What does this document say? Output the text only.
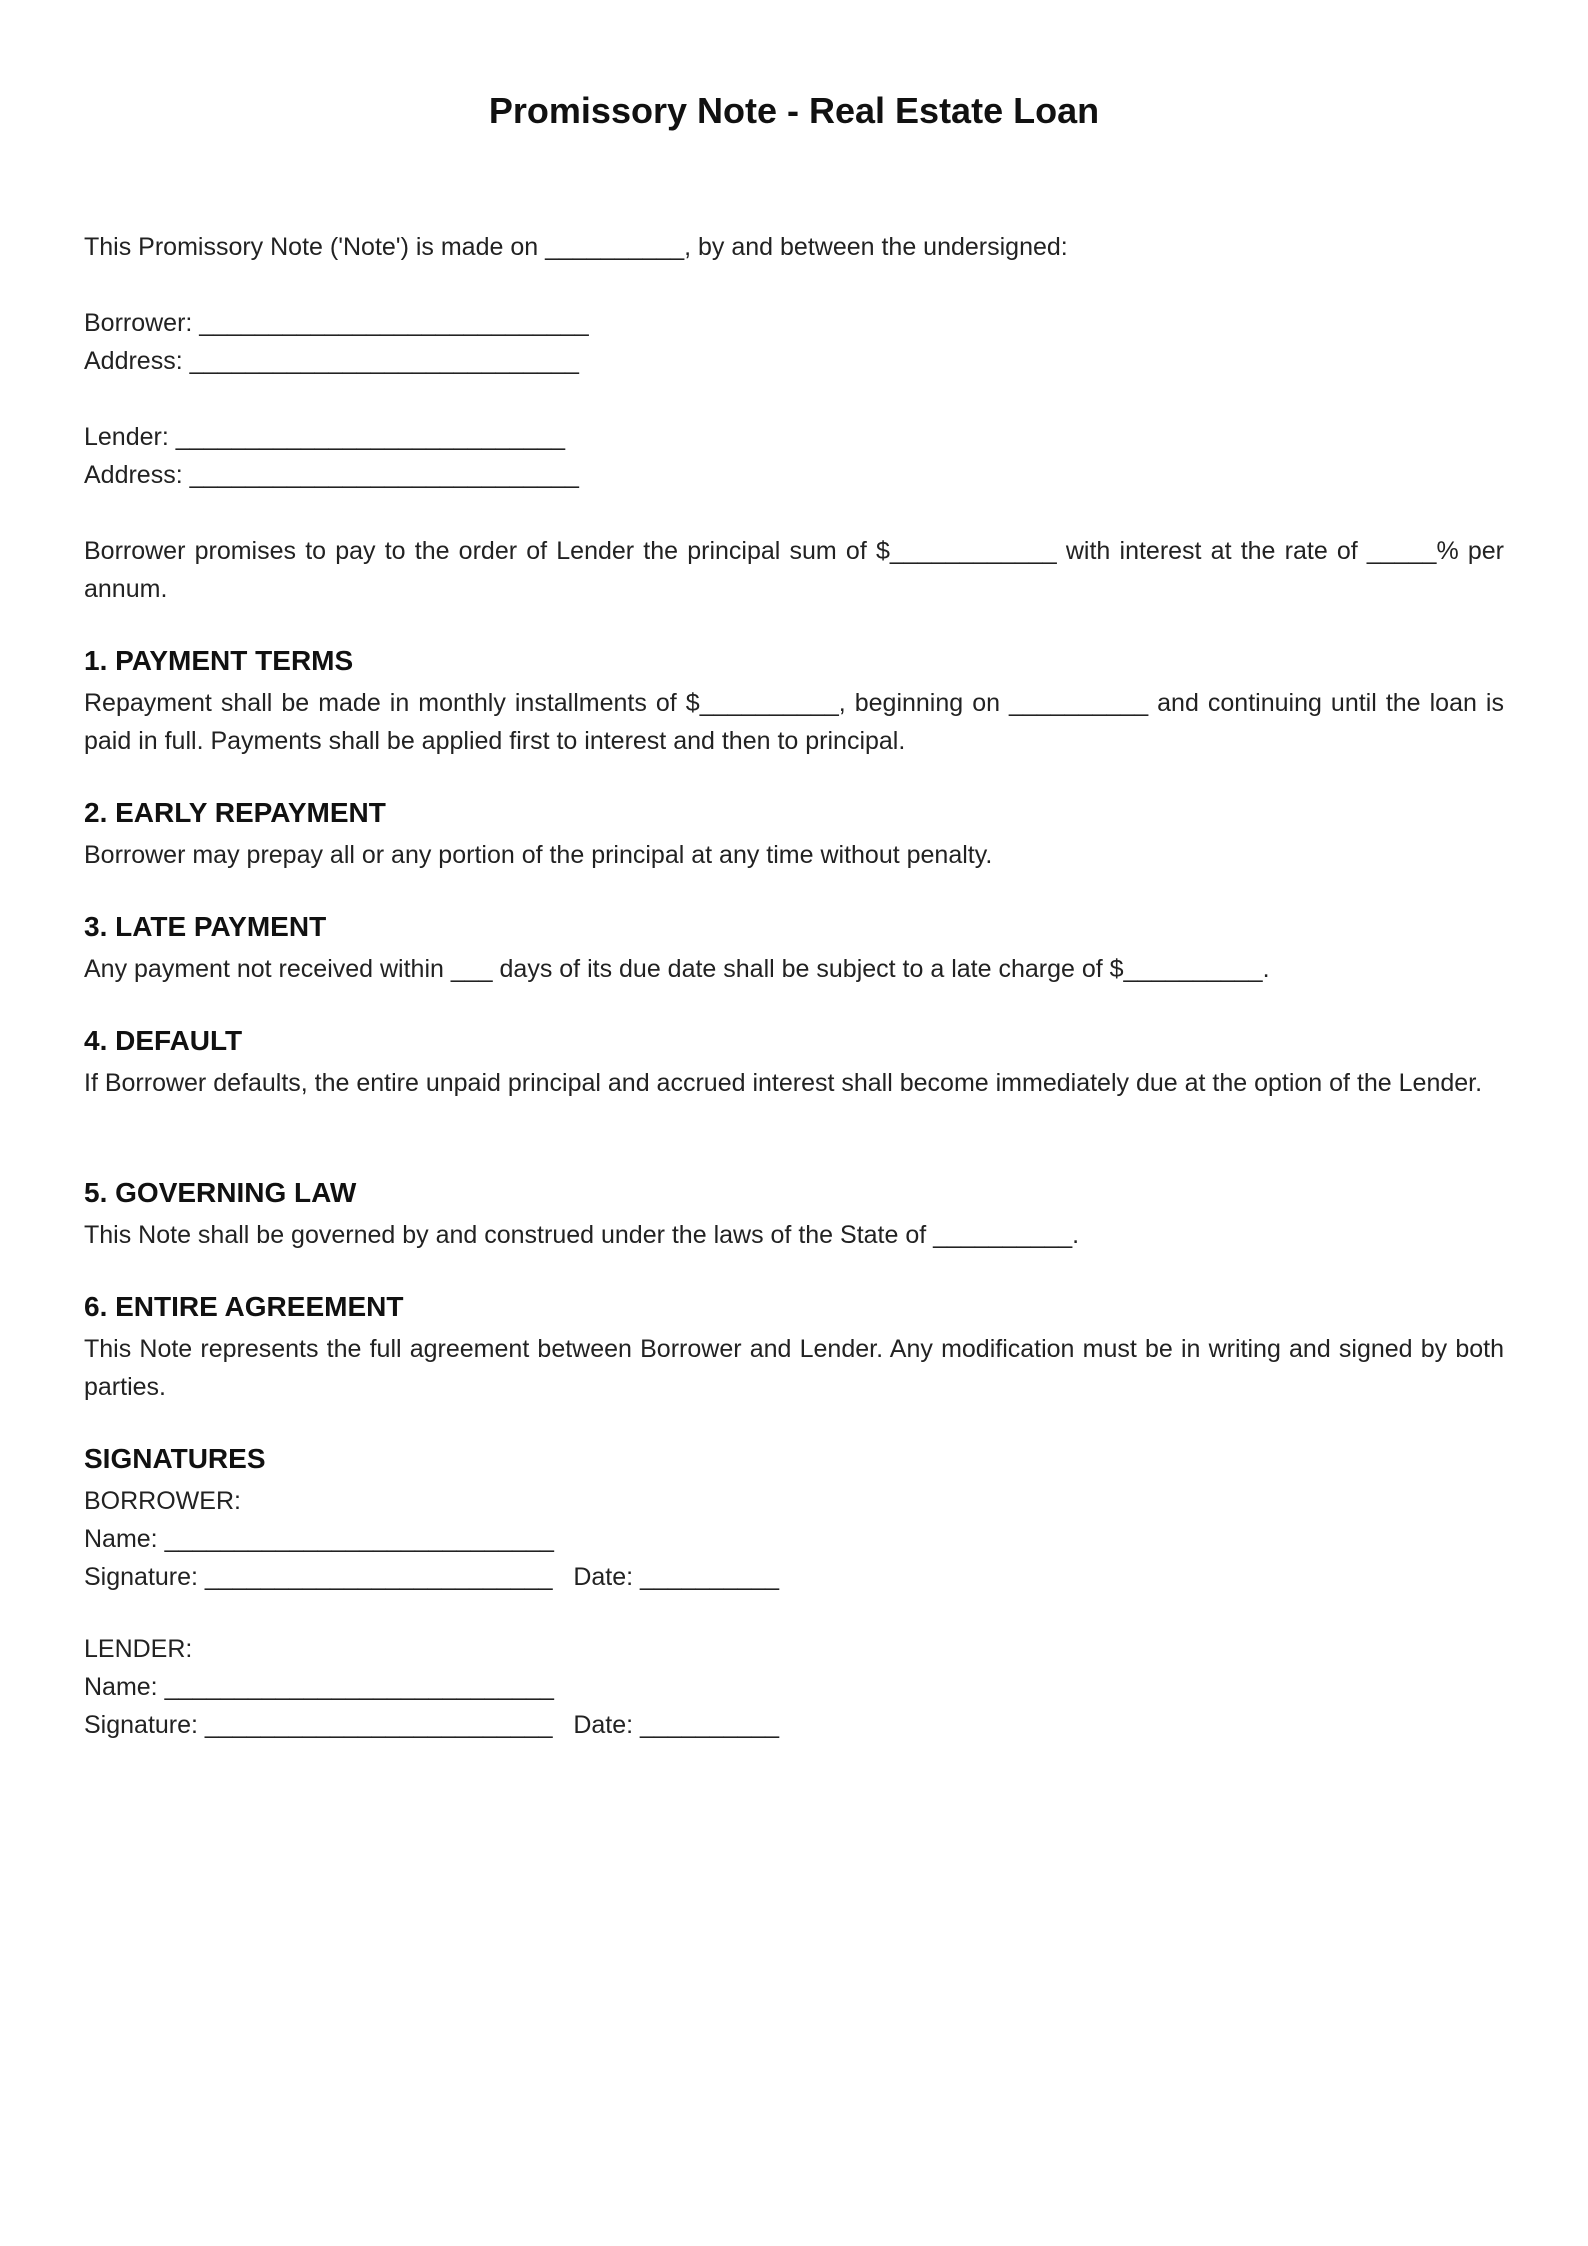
Promissory Note - Real Estate Loan

This Promissory Note ('Note') is made on __________, by and between the undersigned:

Borrower: ____________________________

Address: ____________________________

Lender: ____________________________

Address: ____________________________

Borrower promises to pay to the order of Lender the principal sum of $____________ with interest at the rate of _____% per annum.

1. PAYMENT TERMS

Repayment shall be made in monthly installments of $__________, beginning on __________ and continuing until the loan is paid in full. Payments shall be applied first to interest and then to principal.

2. EARLY REPAYMENT

Borrower may prepay all or any portion of the principal at any time without penalty.

3. LATE PAYMENT

Any payment not received within ___ days of its due date shall be subject to a late charge of $__________.

4. DEFAULT

If Borrower defaults, the entire unpaid principal and accrued interest shall become immediately due at the option of the Lender.

5. GOVERNING LAW

This Note shall be governed by and construed under the laws of the State of __________.

6. ENTIRE AGREEMENT

This Note represents the full agreement between Borrower and Lender. Any modification must be in writing and signed by both parties.

SIGNATURES

BORROWER:

Name: ____________________________

Signature: _________________________   Date: __________

LENDER:

Name: ____________________________

Signature: _________________________   Date: __________
